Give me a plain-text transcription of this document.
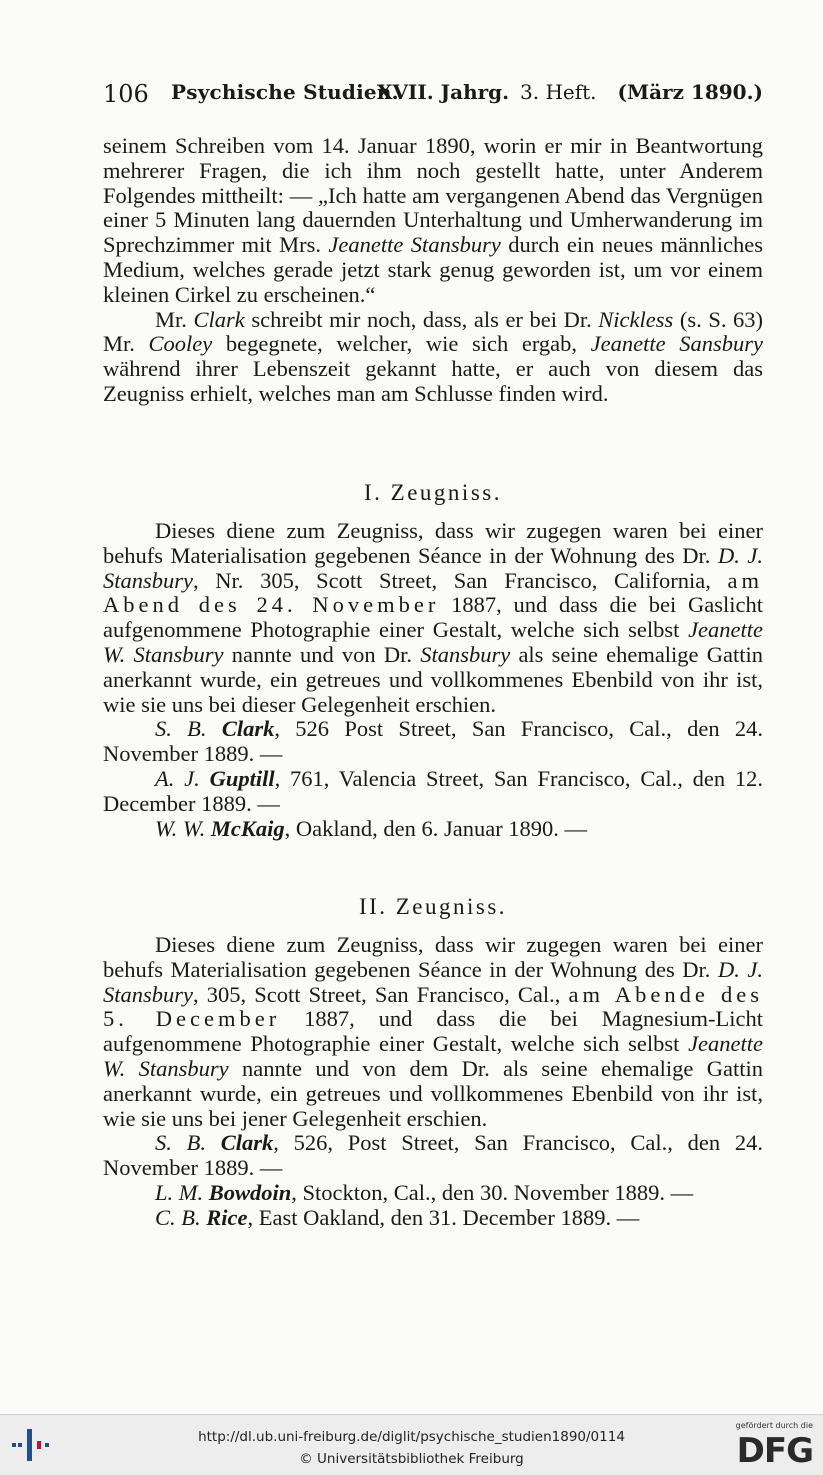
106 Psychische Studien.
XVII. Jahrg. 3. Heft. (März 1890.)

seinem Schreiben vom 14. Januar 1890, worin er mir in Beantwortung mehrerer Fragen, die ich ihm noch gestellt hatte, unter Anderem Folgendes mittheilt: — „Ich hatte am vergangenen Abend das Vergnügen einer 5 Minuten lang dauernden Unterhaltung und Umherwanderung im Sprechzimmer mit Mrs. Jeanette Stansbury durch ein neues männliches Medium, welches gerade jetzt stark genug geworden ist, um vor einem kleinen Cirkel zu erscheinen.“

Mr. Clark schreibt mir noch, dass, als er bei Dr. Nickless (s. S. 63) Mr. Cooley begegnete, welcher, wie sich ergab, Jeanette Sansbury während ihrer Lebenszeit gekannt hatte, er auch von diesem das Zeugniss erhielt, welches man am Schlusse finden wird.

I. Zeugniss.

Dieses diene zum Zeugniss, dass wir zugegen waren bei einer behufs Materialisation gegebenen Séance in der Wohnung des Dr. D. J. Stansbury, Nr. 305, Scott Street, San Francisco, California, am Abend des 24. November 1887, und dass die bei Gaslicht aufgenommene Photographie einer Gestalt, welche sich selbst Jeanette W. Stansbury nannte und von Dr. Stansbury als seine ehemalige Gattin anerkannt wurde, ein getreues und vollkommenes Ebenbild von ihr ist, wie sie uns bei dieser Gelegenheit erschien.

S. B. Clark, 526 Post Street, San Francisco, Cal., den 24. November 1889. —

A. J. Guptill, 761, Valencia Street, San Francisco, Cal., den 12. December 1889. —

W. W. McKaig, Oakland, den 6. Januar 1890. —

II. Zeugniss.

Dieses diene zum Zeugniss, dass wir zugegen waren bei einer behufs Materialisation gegebenen Séance in der Wohnung des Dr. D. J. Stansbury, 305, Scott Street, San Francisco, Cal., am Abende des 5. December 1887, und dass die bei Magnesium-Licht aufgenommene Photographie einer Gestalt, welche sich selbst Jeanette W. Stansbury nannte und von dem Dr. als seine ehemalige Gattin anerkannt wurde, ein getreues und vollkommenes Ebenbild von ihr ist, wie sie uns bei jener Gelegenheit erschien.

S. B. Clark, 526, Post Street, San Francisco, Cal., den 24. November 1889. —

L. M. Bowdoin, Stockton, Cal., den 30. November 1889. —

C. B. Rice, East Oakland, den 31. December 1889. —

http://dl.ub.uni-freiburg.de/diglit/psychische_studien1890/0114
© Universitätsbibliothek Freiburg
gefördert durch die
DFG
